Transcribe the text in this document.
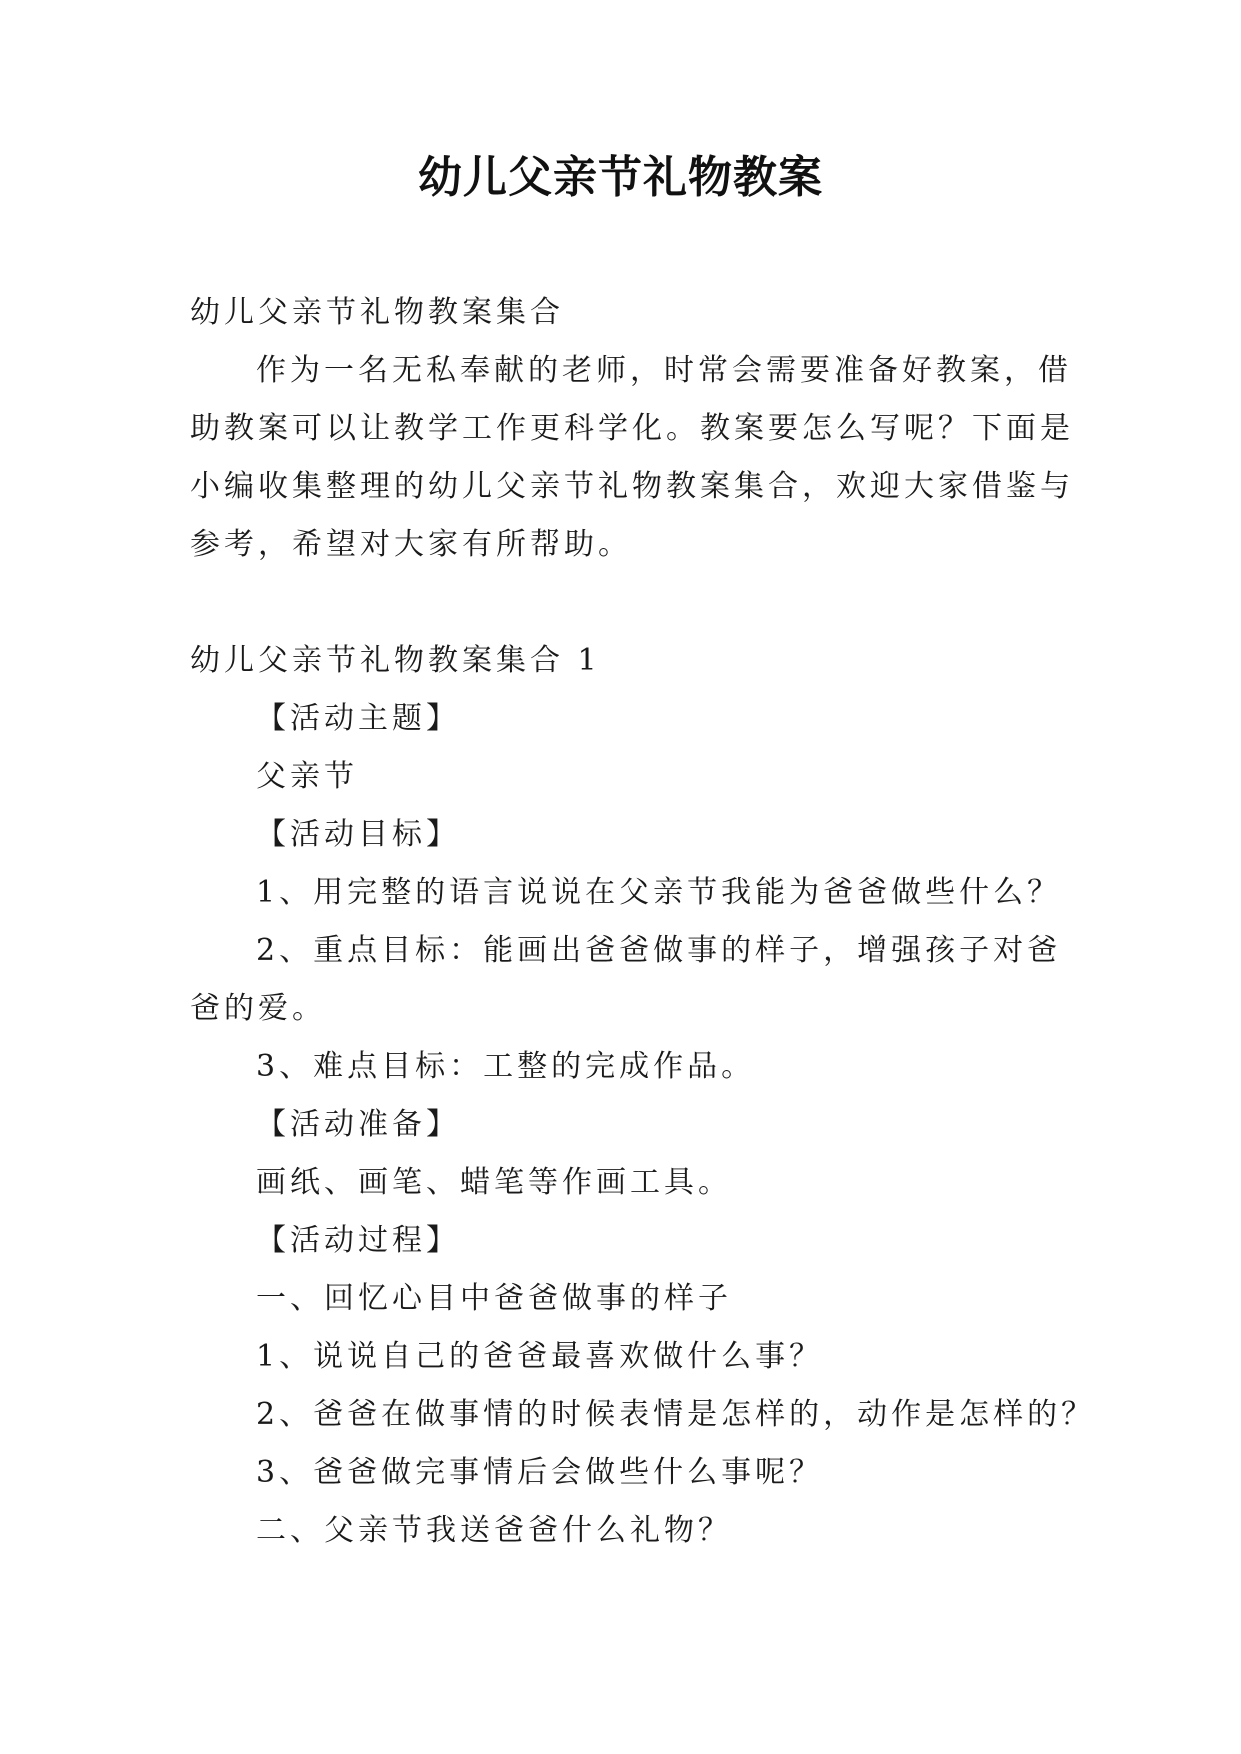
幼儿父亲节礼物教案
幼儿父亲节礼物教案集合
作为一名无私奉献的老师，时常会需要准备好教案，借
助教案可以让教学工作更科学化。教案要怎么写呢？下面是
小编收集整理的幼儿父亲节礼物教案集合，欢迎大家借鉴与
参考，希望对大家有所帮助。
幼儿父亲节礼物教案集合 1
【活动主题】
父亲节
【活动目标】
1、用完整的语言说说在父亲节我能为爸爸做些什么？
2、重点目标：能画出爸爸做事的样子，增强孩子对爸
爸的爱。
3、难点目标：工整的完成作品。
【活动准备】
画纸、画笔、蜡笔等作画工具。
【活动过程】
一、回忆心目中爸爸做事的样子
1、说说自己的爸爸最喜欢做什么事？
2、爸爸在做事情的时候表情是怎样的，动作是怎样的？
3、爸爸做完事情后会做些什么事呢？
二、父亲节我送爸爸什么礼物？
